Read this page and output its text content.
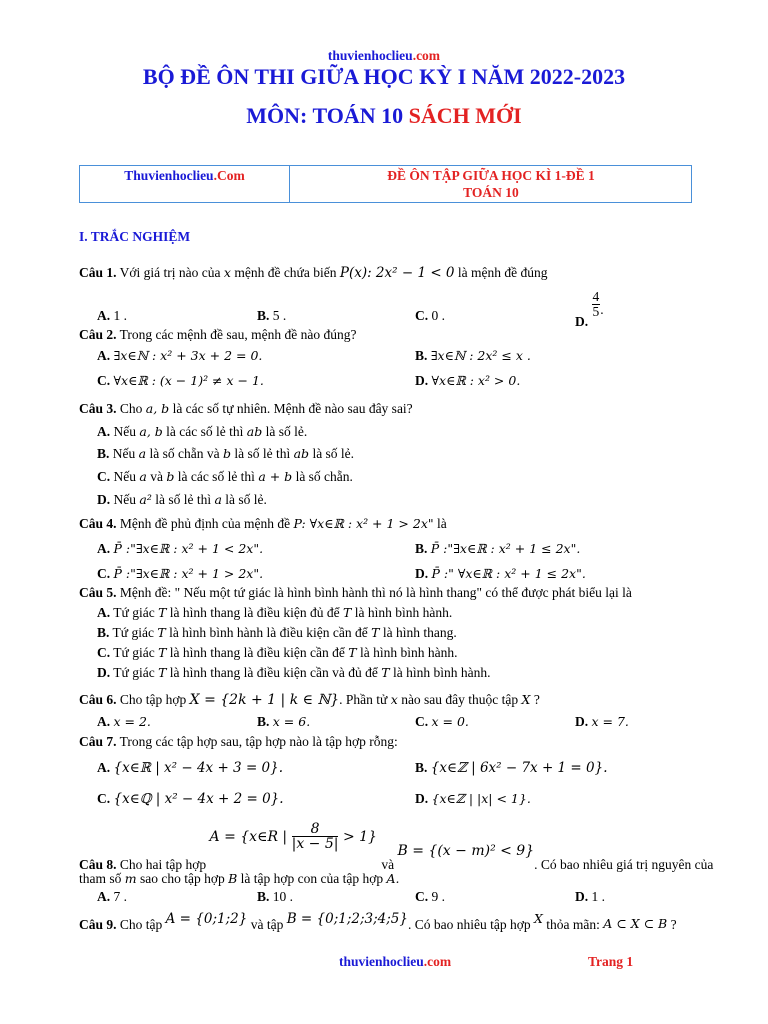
thuvienhoclieu.com
BỘ ĐỀ ÔN THI GIỮA HỌC KỲ I NĂM 2022-2023
MÔN: TOÁN 10 SÁCH MỚI
Thuvienhoclieu.Com	ĐỀ ÔN TẬP GIỮA HỌC KÌ 1-ĐỀ 1
TOÁN 10
I. TRẮC NGHIỆM
Câu 1. Với giá trị nào của x mệnh đề chứa biến P(x): 2x² − 1 < 0 là mệnh đề đúng
A. 1 .	B. 5 .	C. 0 .	D.
$\frac{4}{5}$ .
Câu 2. Trong các mệnh đề sau, mệnh đề nào đúng?
A. ∃x∈ℕ : x² + 3x + 2 = 0.	B. ∃x∈ℕ : 2x² ≤ x .
C. ∀x∈ℝ : (x − 1)² ≠ x − 1.	D. ∀x∈ℝ : x² > 0.
Câu 3. Cho a, b là các số tự nhiên. Mệnh đề nào sau đây sai?
A. Nếu a, b là các số lẻ thì ab là số lẻ.
B. Nếu a là số chẵn và b là số lẻ thì ab là số lẻ.
C. Nếu a và b là các số lẻ thì a + b là số chẵn.
D. Nếu a² là số lẻ thì a là số lẻ.
Câu 4. Mệnh đề phủ định của mệnh đề P: ∀x∈ℝ : x² + 1 > 2x" là
A. P̄ :"∃x∈ℝ : x² + 1 < 2x".	B. P̄ :"∃x∈ℝ : x² + 1 ≤ 2x".
C. P̄ :"∃x∈ℝ : x² + 1 > 2x".	D. P̄ :" ∀x∈ℝ : x² + 1 ≤ 2x".
Câu 5. Mệnh đề: " Nếu một tứ giác là hình bình hành thì nó là hình thang" có thể được phát biểu lại là
A. Tứ giác T là hình thang là điều kiện đủ để T là hình bình hành.
B. Tứ giác T là hình bình hành là điều kiện cần để T là hình thang.
C. Tứ giác T là hình thang là điều kiện cần để T là hình bình hành.
D. Tứ giác T là hình thang là điều kiện cần và đủ để T là hình bình hành.
Câu 6. Cho tập hợp X = {2k + 1 | k ∈ ℕ}. Phần tử x nào sau đây thuộc tập X ?
A. x = 2.	B. x = 6.	C. x = 0.	D. x = 7.
Câu 7. Trong các tập hợp sau, tập hợp nào là tập hợp rỗng:
A. {x∈ℝ | x² − 4x + 3 = 0}.	B. {x∈ℤ | 6x² − 7x + 1 = 0}.
C. {x∈ℚ | x² − 4x + 2 = 0}.	D. {x∈ℤ | |x| < 1}.
Câu 8. Cho hai tập hợp A = {x∈R | $\frac{8}{|x - 5|} > 1$} và B = {(x − m)² < 9}. Có bao nhiêu giá trị nguyên của
tham số m sao cho tập hợp B là tập hợp con của tập hợp A.
A. 7 .	B. 10 .	C. 9 .	D. 1 .
Câu 9. Cho tập A = {0;1;2} và tập B = {0;1;2;3;4;5}. Có bao nhiêu tập hợp X thỏa mãn: A ⊂ X ⊂ B ?
thuvienhoclieu.com	Trang 1
